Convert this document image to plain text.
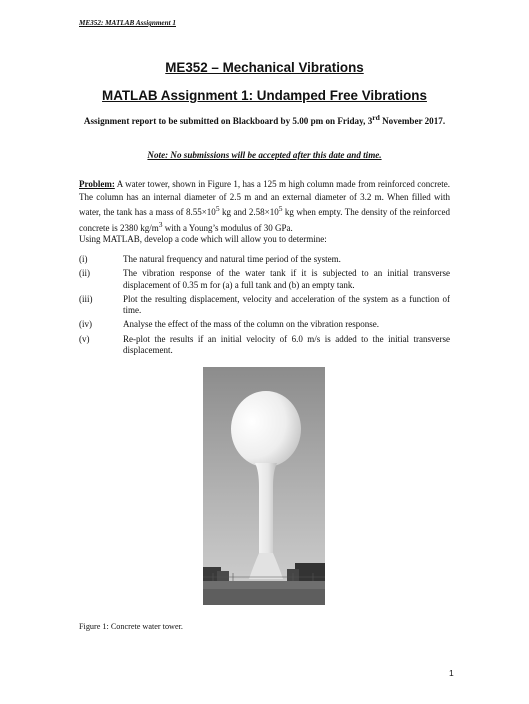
ME352: MATLAB Assignment 1
ME352 – Mechanical Vibrations
MATLAB Assignment 1: Undamped Free Vibrations
Assignment report to be submitted on Blackboard by 5.00 pm on Friday, 3rd November 2017.
Note: No submissions will be accepted after this date and time.
Problem: A water tower, shown in Figure 1, has a 125 m high column made from reinforced concrete. The column has an internal diameter of 2.5 m and an external diameter of 3.2 m. When filled with water, the tank has a mass of $8.55\times 10^5$ kg and $2.58\times 10^5$ kg when empty. The density of the reinforced concrete is 2380 $kg/m^3$ with a Young’s modulus of 30 GPa.
Using MATLAB, develop a code which will allow you to determine:
(i)	The natural frequency and natural time period of the system.
(ii)	The vibration response of the water tank if it is subjected to an initial transverse displacement of 0.35 m for (a) a full tank and (b) an empty tank.
(iii)	Plot the resulting displacement, velocity and acceleration of the system as a function of time.
(iv)	Analyse the effect of the mass of the column on the vibration response.
(v)	Re-plot the results if an initial velocity of 6.0 m/s is added to the initial transverse displacement.
Figure 1: Concrete water tower.
1
